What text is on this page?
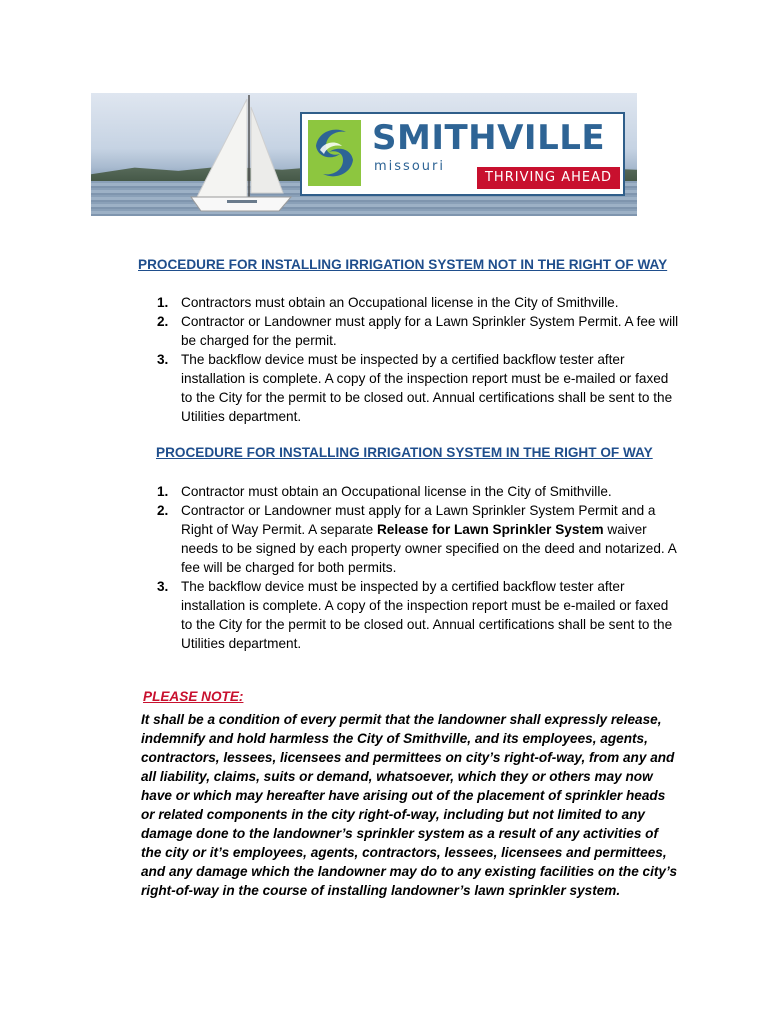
SMITHVILLE
missouri
THRIVING AHEAD
PROCEDURE FOR INSTALLING IRRIGATION SYSTEM NOT IN THE RIGHT OF WAY
1. Contractors must obtain an Occupational license in the City of Smithville.
2. Contractor or Landowner must apply for a Lawn Sprinkler System Permit. A fee will be charged for the permit.
3. The backflow device must be inspected by a certified backflow tester after installation is complete. A copy of the inspection report must be e-mailed or faxed to the City for the permit to be closed out. Annual certifications shall be sent to the Utilities department.
PROCEDURE FOR INSTALLING IRRIGATION SYSTEM IN THE RIGHT OF WAY
1. Contractor must obtain an Occupational license in the City of Smithville.
2. Contractor or Landowner must apply for a Lawn Sprinkler System Permit and a Right of Way Permit. A separate Release for Lawn Sprinkler System waiver needs to be signed by each property owner specified on the deed and notarized. A fee will be charged for both permits.
3. The backflow device must be inspected by a certified backflow tester after installation is complete. A copy of the inspection report must be e-mailed or faxed to the City for the permit to be closed out. Annual certifications shall be sent to the Utilities department.
PLEASE NOTE:
It shall be a condition of every permit that the landowner shall expressly release, indemnify and hold harmless the City of Smithville, and its employees, agents, contractors, lessees, licensees and permittees on city’s right-of-way, from any and all liability, claims, suits or demand, whatsoever, which they or others may now have or which may hereafter have arising out of the placement of sprinkler heads or related components in the city right-of-way, including but not limited to any damage done to the landowner’s sprinkler system as a result of any activities of the city or it’s employees, agents, contractors, lessees, licensees and permittees, and any damage which the landowner may do to any existing facilities on the city’s right-of-way in the course of installing landowner’s lawn sprinkler system.
